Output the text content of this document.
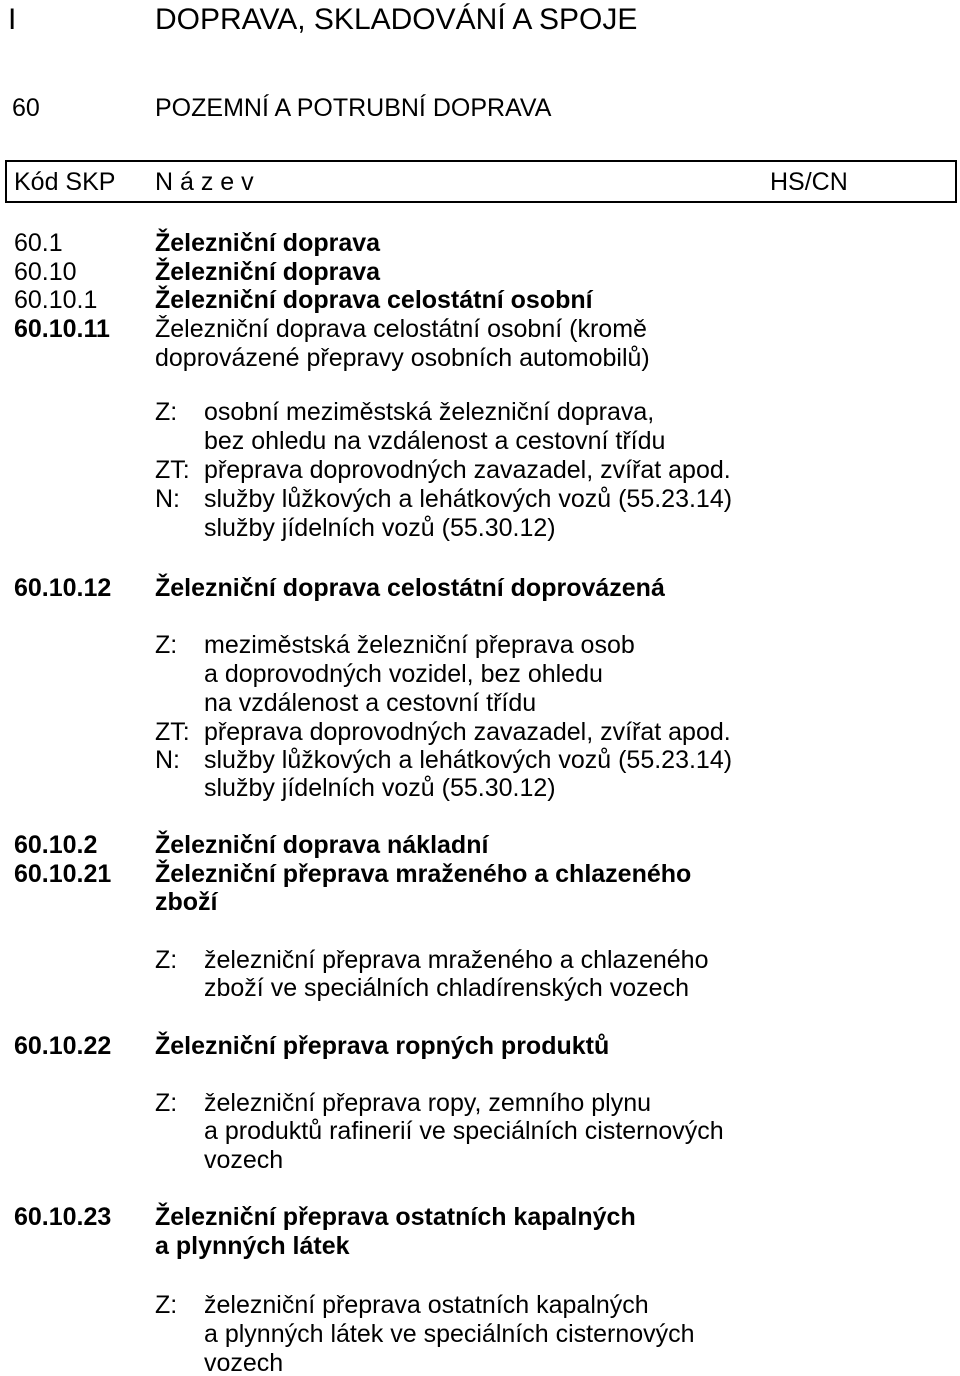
I	DOPRAVA, SKLADOVÁNÍ A SPOJE
60	POZEMNÍ A POTRUBNÍ DOPRAVA
Kód SKP N á z e v	HS/CN
60.1	Železniční doprava
60.10	Železniční doprava
60.10.1 Železniční doprava celostátní osobní
60.10.11 Železniční doprava celostátní osobní (kromě
doprovázené přepravy osobních automobilů)
Z: osobní meziměstská železniční doprava,
bez ohledu na vzdálenost a cestovní třídu
ZT: přeprava doprovodných zavazadel, zvířat apod.
N: služby lůžkových a lehátkových vozů (55.23.14)
služby jídelních vozů (55.30.12)
60.10.12 Železniční doprava celostátní doprovázená
Z: meziměstská železniční přeprava osob
a doprovodných vozidel, bez ohledu
na vzdálenost a cestovní třídu
ZT: přeprava doprovodných zavazadel, zvířat apod.
N: služby lůžkových a lehátkových vozů (55.23.14)
služby jídelních vozů (55.30.12)
60.10.2 Železniční doprava nákladní
60.10.21 Železniční přeprava mraženého a chlazeného
zboží
Z: železniční přeprava mraženého a chlazeného
zboží ve speciálních chladírenských vozech
60.10.22 Železniční přeprava ropných produktů
Z: železniční přeprava ropy, zemního plynu
a produktů rafinerií ve speciálních cisternových
vozech
60.10.23 Železniční přeprava ostatních kapalných
a plynných látek
Z: železniční přeprava ostatních kapalných
a plynných látek ve speciálních cisternových
vozech
